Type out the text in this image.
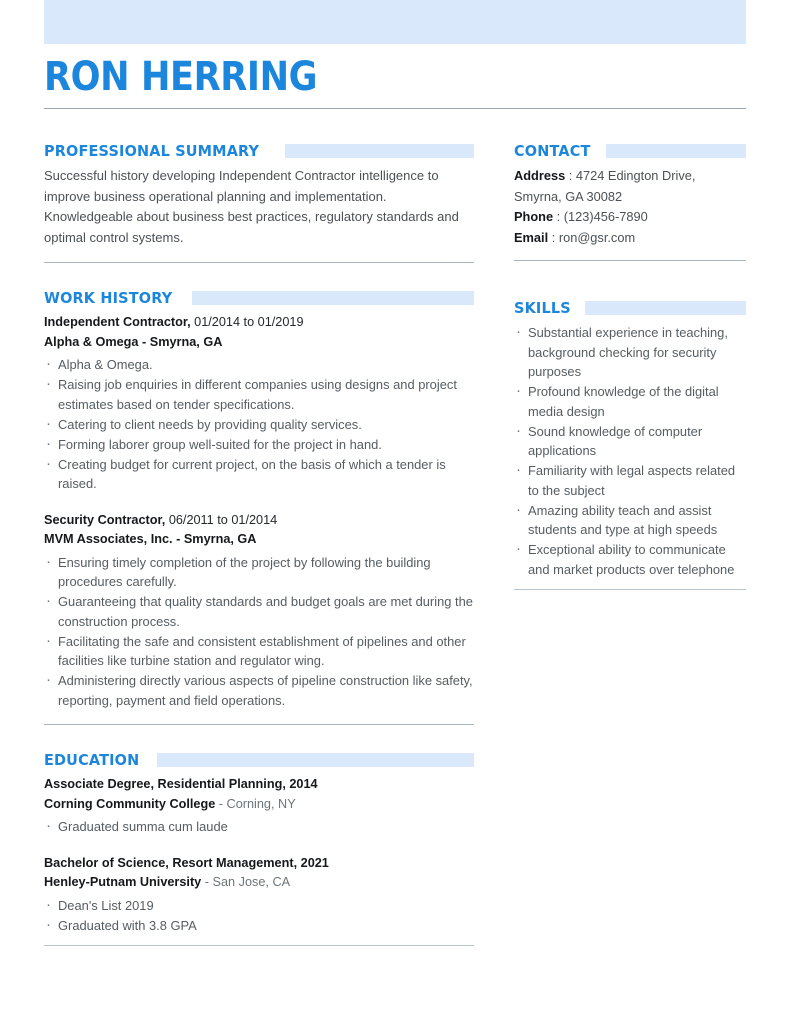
RON HERRING
PROFESSIONAL SUMMARY

Successful history developing Independent Contractor intelligence to improve business operational planning and implementation. Knowledgeable about business best practices, regulatory standards and optimal control systems.

WORK HISTORY
Independent Contractor, 01/2014 to 01/2019
Alpha & Omega - Smyrna, GA
· Alpha & Omega.
· Raising job enquiries in different companies using designs and project estimates based on tender specifications.
· Catering to client needs by providing quality services.
· Forming laborer group well-suited for the project in hand.
· Creating budget for current project, on the basis of which a tender is raised.
Security Contractor, 06/2011 to 01/2014
MVM Associates, Inc. - Smyrna, GA
· Ensuring timely completion of the project by following the building procedures carefully.
· Guaranteeing that quality standards and budget goals are met during the construction process.
· Facilitating the safe and consistent establishment of pipelines and other facilities like turbine station and regulator wing.
· Administering directly various aspects of pipeline construction like safety, reporting, payment and field operations.
EDUCATION
Associate Degree, Residential Planning, 2014
Corning Community College - Corning, NY
· Graduated summa cum laude
Bachelor of Science, Resort Management, 2021
Henley-Putnam University - San Jose, CA
· Dean's List 2019
· Graduated with 3.8 GPA
CONTACT
Address : 4724 Edington Drive, Smyrna, GA 30082
Phone : (123)456-7890
Email : ron@gsr.com
SKILLS
· Substantial experience in teaching, background checking for security purposes
· Profound knowledge of the digital media design
· Sound knowledge of computer applications
· Familiarity with legal aspects related to the subject
· Amazing ability teach and assist students and type at high speeds
· Exceptional ability to communicate and market products over telephone
